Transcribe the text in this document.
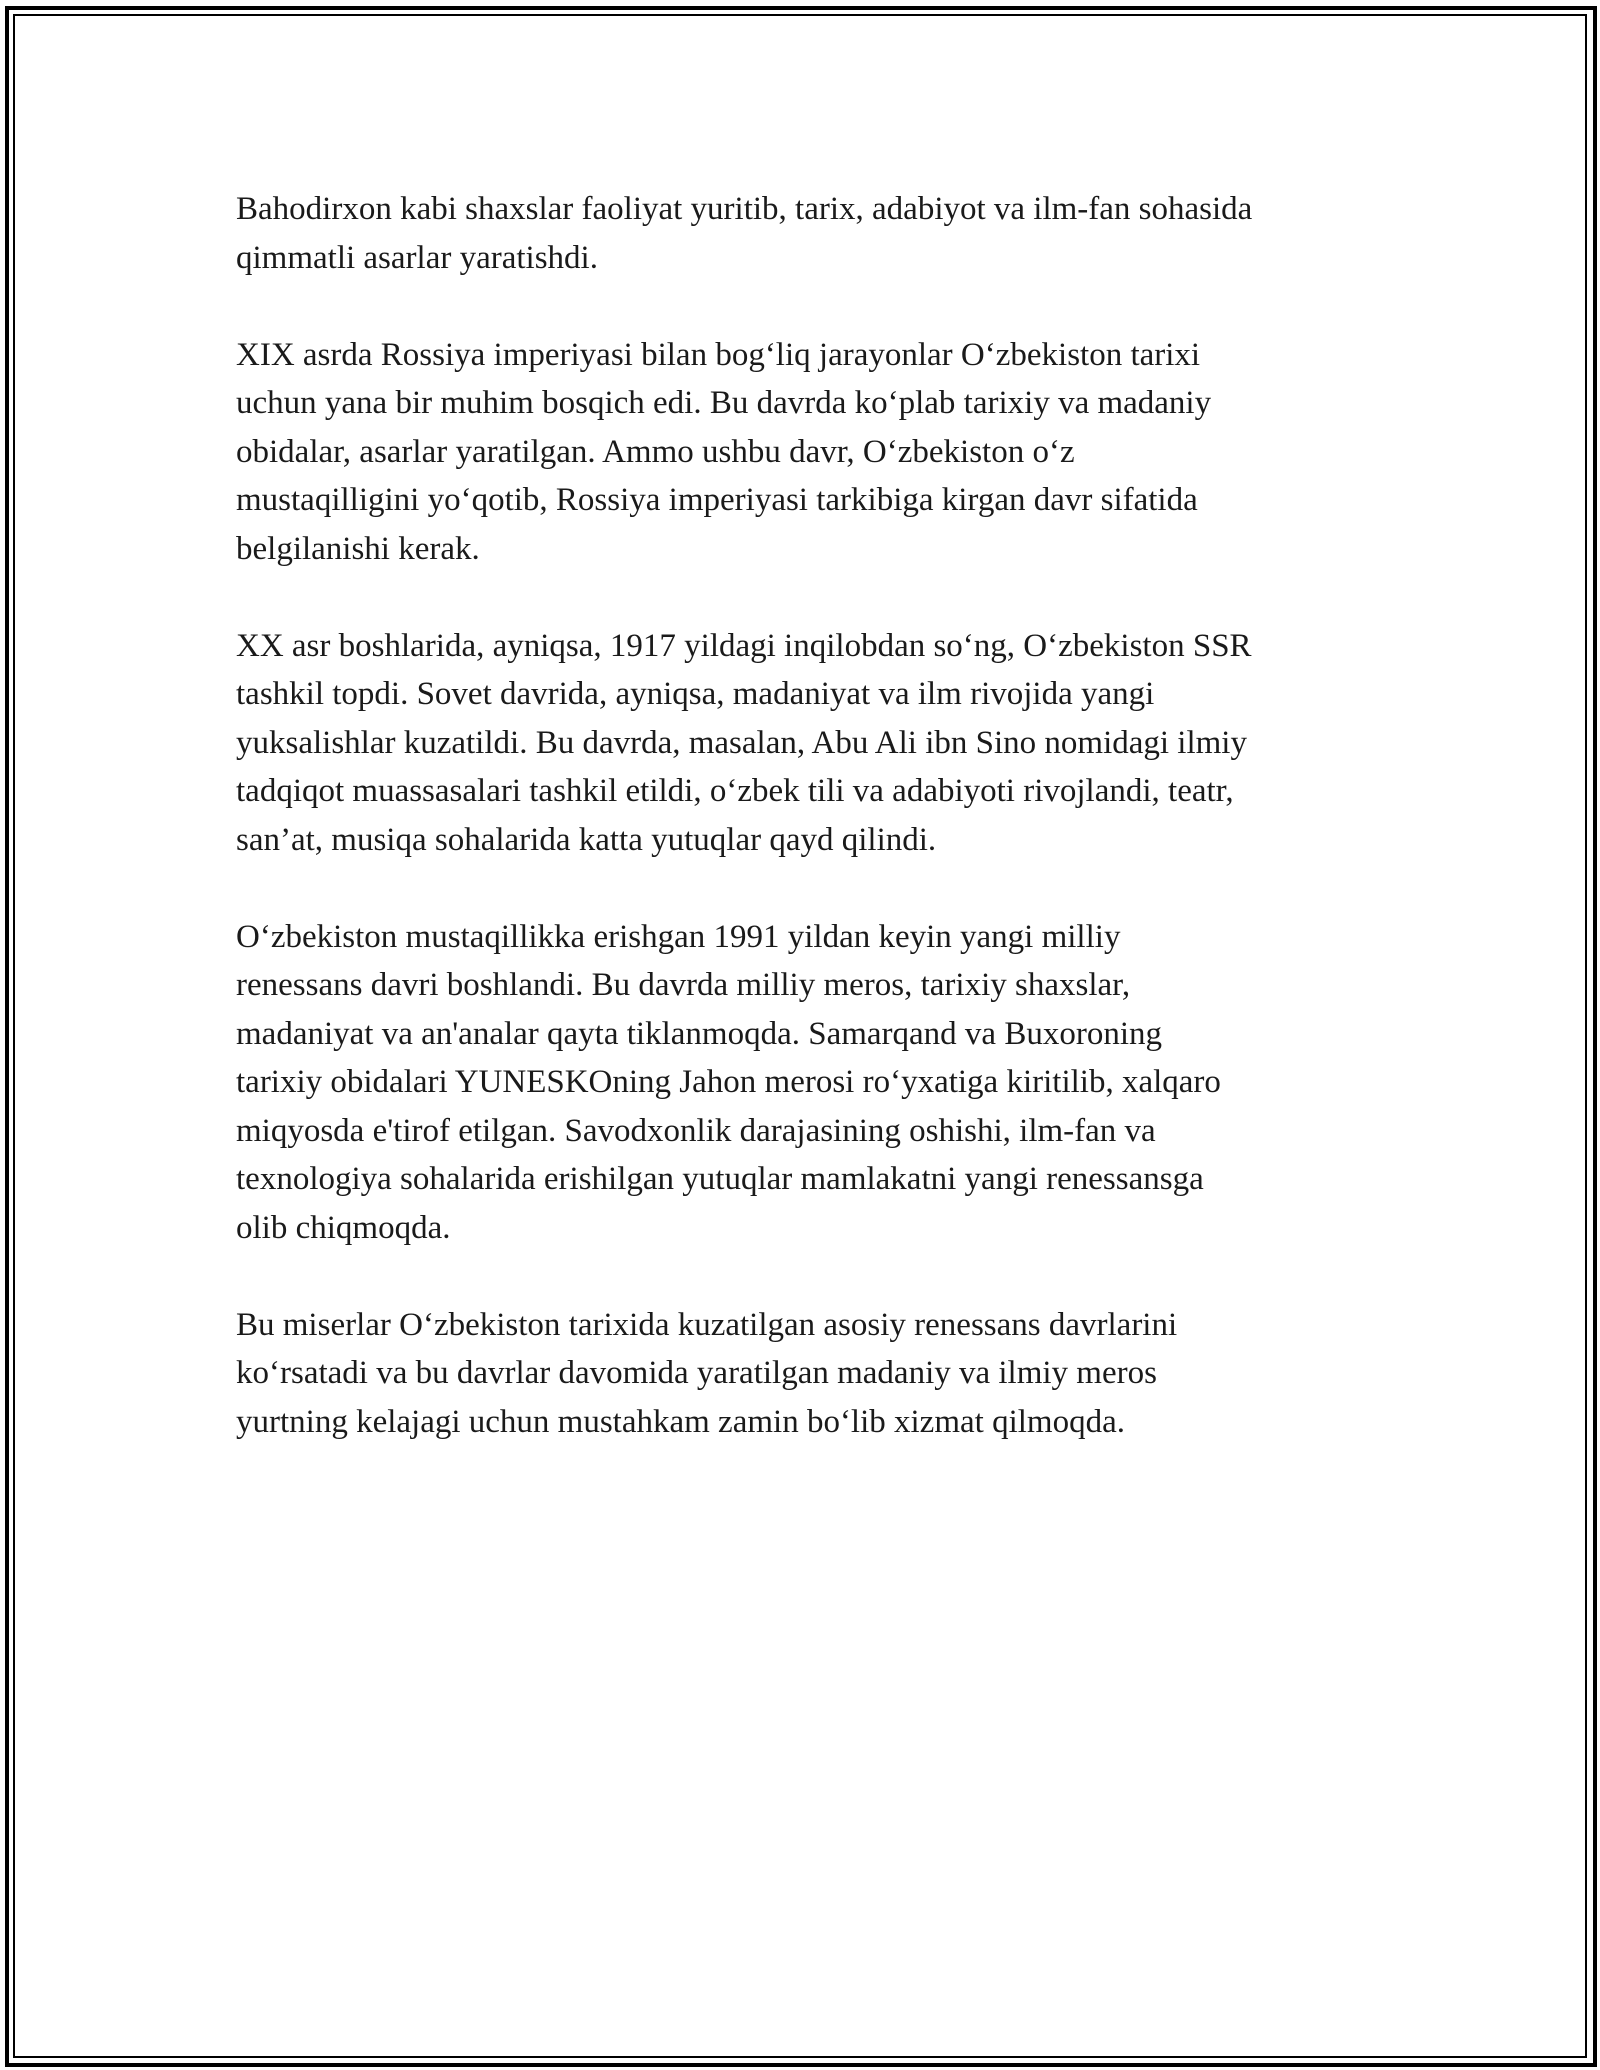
Bahodirxon kabi shaxslar faoliyat yuritib, tarix, adabiyot va ilm-fan sohasida
qimmatli asarlar yaratishdi.

XIX asrda Rossiya imperiyasi bilan bogʻliq jarayonlar Oʻzbekiston tarixi
uchun yana bir muhim bosqich edi. Bu davrda koʻplab tarixiy va madaniy
obidalar, asarlar yaratilgan. Ammo ushbu davr, Oʻzbekiston oʻz
mustaqilligini yoʻqotib, Rossiya imperiyasi tarkibiga kirgan davr sifatida
belgilanishi kerak.

XX asr boshlarida, ayniqsa, 1917 yildagi inqilobdan soʻng, Oʻzbekiston SSR
tashkil topdi. Sovet davrida, ayniqsa, madaniyat va ilm rivojida yangi
yuksalishlar kuzatildi. Bu davrda, masalan, Abu Ali ibn Sino nomidagi ilmiy
tadqiqot muassasalari tashkil etildi, oʻzbek tili va adabiyoti rivojlandi, teatr,
san’at, musiqa sohalarida katta yutuqlar qayd qilindi.

Oʻzbekiston mustaqillikka erishgan 1991 yildan keyin yangi milliy
renessans davri boshlandi. Bu davrda milliy meros, tarixiy shaxslar,
madaniyat va an'analar qayta tiklanmoqda. Samarqand va Buxoroning
tarixiy obidalari YUNESKOning Jahon merosi roʻyxatiga kiritilib, xalqaro
miqyosda e'tirof etilgan. Savodxonlik darajasining oshishi, ilm-fan va
texnologiya sohalarida erishilgan yutuqlar mamlakatni yangi renessansga
olib chiqmoqda.

Bu miserlar Oʻzbekiston tarixida kuzatilgan asosiy renessans davrlarini
koʻrsatadi va bu davrlar davomida yaratilgan madaniy va ilmiy meros
yurtning kelajagi uchun mustahkam zamin boʻlib xizmat qilmoqda.
